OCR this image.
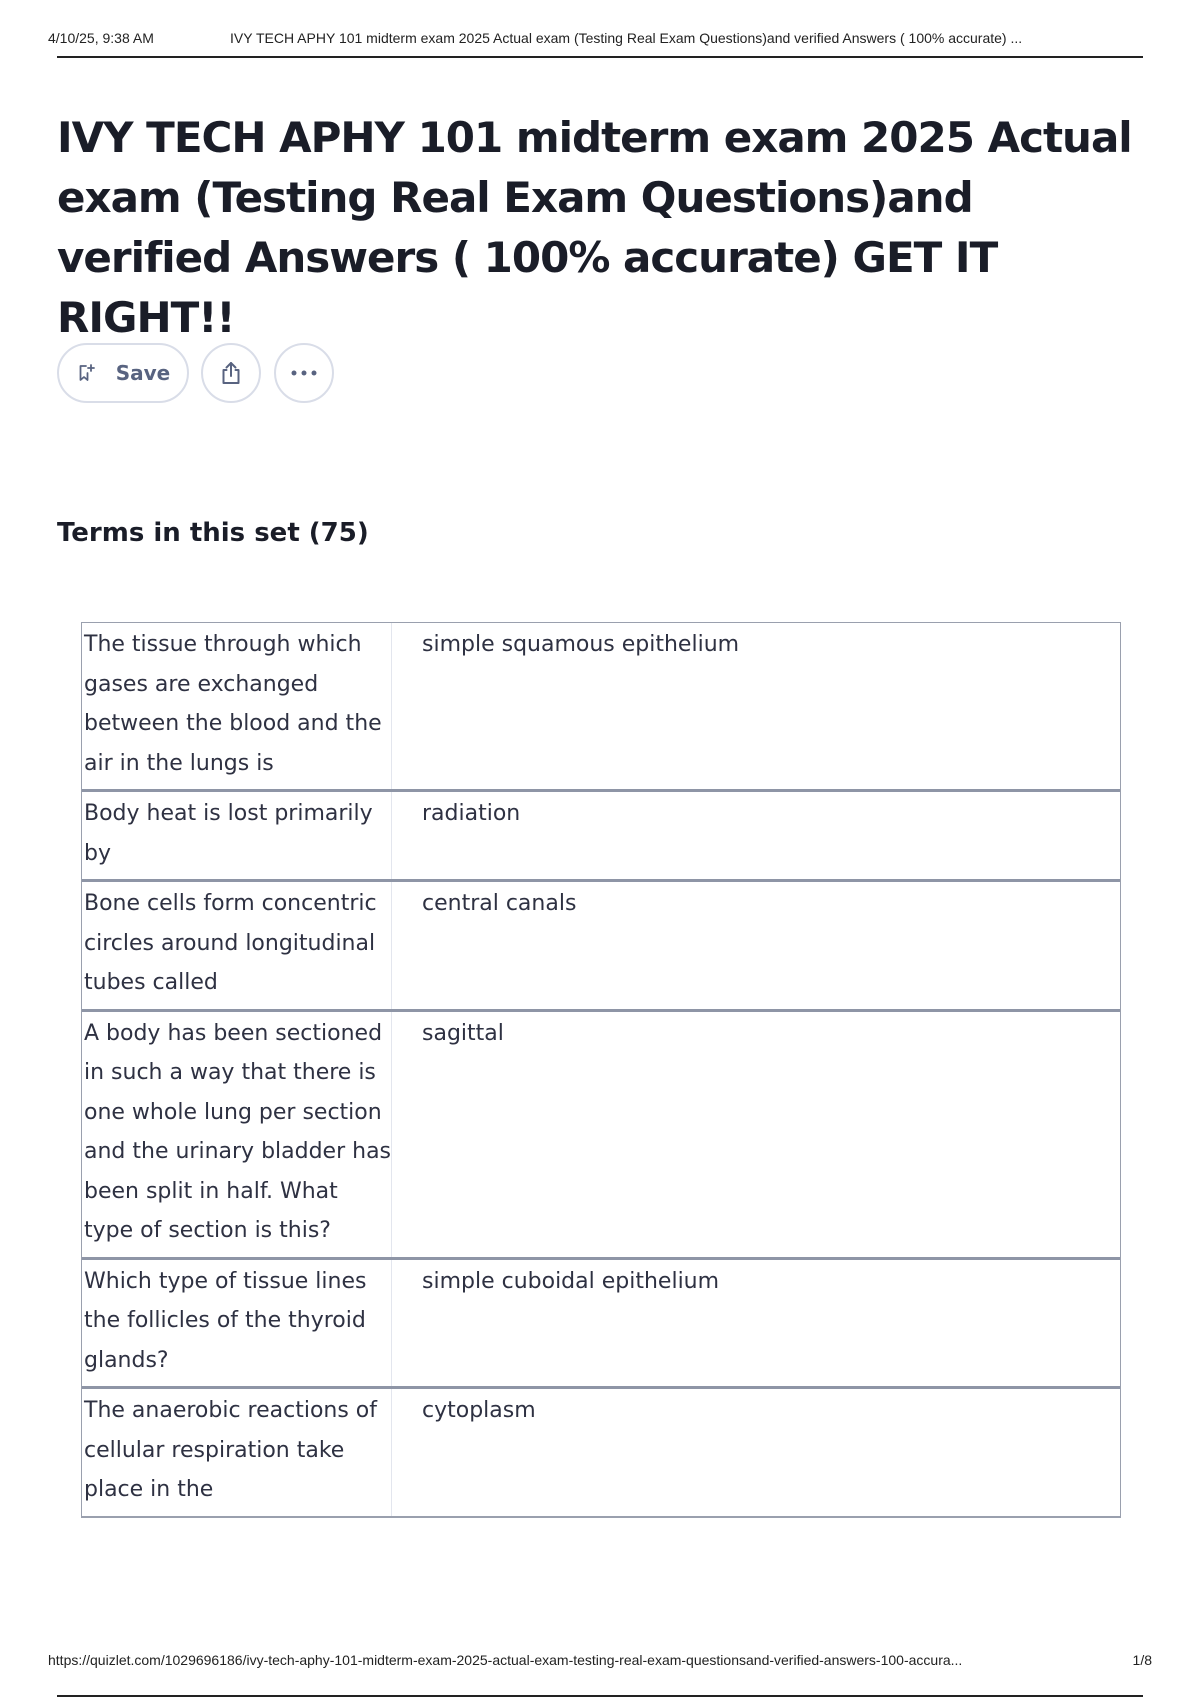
4/10/25, 9:38 AM	IVY TECH APHY 101 midterm exam 2025 Actual exam (Testing Real Exam Questions)and verified Answers ( 100% accurate) ...
IVY TECH APHY 101 midterm exam 2025 Actual exam (Testing Real Exam Questions)and verified Answers ( 100% accurate) GET IT RIGHT!!
Save
Terms in this set (75)
The tissue through which gases are exchanged between the blood and the air in the lungs is
simple squamous epithelium
Body heat is lost primarily by
radiation
Bone cells form concentric circles around longitudinal tubes called
central canals
A body has been sectioned in such a way that there is one whole lung per section and the urinary bladder has been split in half. What type of section is this?
sagittal
Which type of tissue lines the follicles of the thyroid glands?
simple cuboidal epithelium
The anaerobic reactions of cellular respiration take place in the
cytoplasm
https://quizlet.com/1029696186/ivy-tech-aphy-101-midterm-exam-2025-actual-exam-testing-real-exam-questionsand-verified-answers-100-accura...	1/8
